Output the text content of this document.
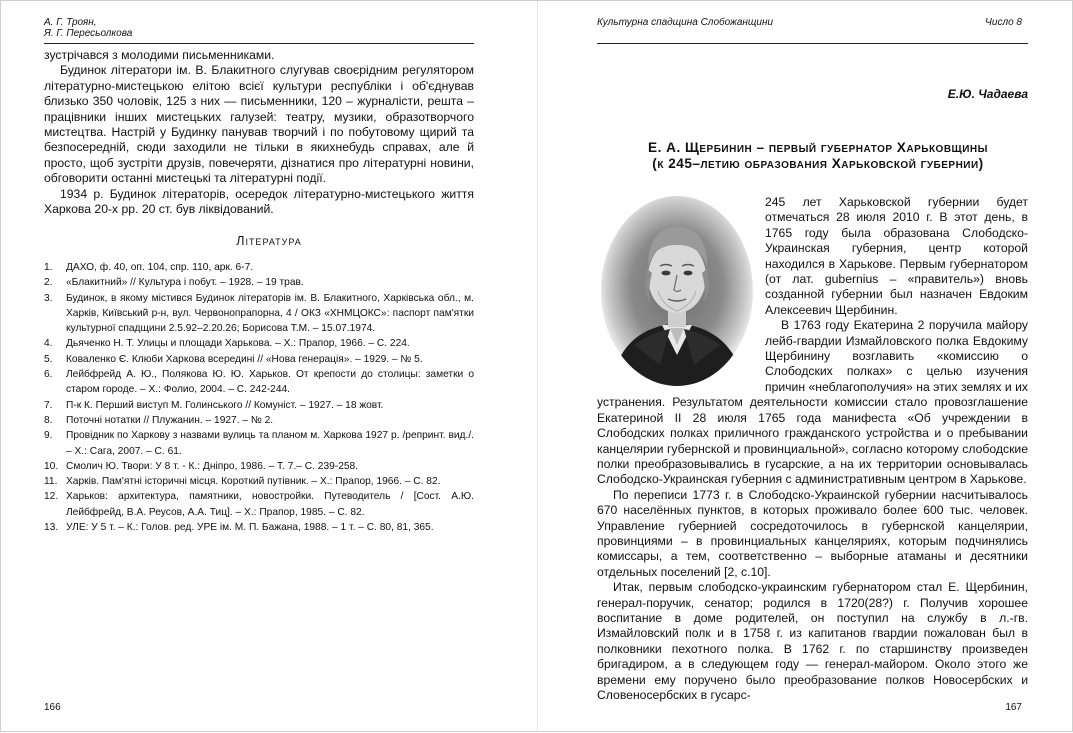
А. Г. Троян,
Я. Г. Пересьолкова

зустрічався з молодими письменниками.

Будинок літератори ім. В. Блакитного слугував своєрідним регулятором літературно-мистецькою елітою всієї культури республіки і об'єднував близько 350 чоловік, 125 з них — письменники, 120 – журналісти, решта – працівники інших мистецьких галузей: театру, музики, образотворчого мистецтва. Настрій у Будинку панував творчий і по побутовому щирий та безпосередній, сюди заходили не тільки в якихнебудь справах, але й просто, щоб зустріти друзів, повечеряти, дізнатися про літературні новини, обговорити останні мистецькі та літературні події.

1934 р. Будинок літераторів, осередок літературно-мистецького життя Харкова 20-х рр. 20 ст. був ліквідований.

Література
1. ДАХО, ф. 40, оп. 104, спр. 110, арк. 6-7.
2. «Блакитний» // Культура і побут. – 1928. – 19 трав.
3. Будинок, в якому містився Будинок літераторів ім. В. Блакитного, Харківська обл., м. Харків, Київський р-н, вул. Червонопрапорна, 4 / ОКЗ «ХНМЦОКС»: паспорт пам'ятки культурної спадщини 2.5.92–2.20.26; Борисова Т.М. – 15.07.1974.
4. Дьяченко Н. Т. Улицы и площади Харькова. – Х.: Прапор, 1966. – С. 224.
5. Коваленко Є. Клюби Харкова всередині // «Нова генерація». – 1929. – № 5.
6. Лейбфрейд А. Ю., Полякова Ю. Ю. Харьков. От крепости до столицы: заметки о старом городе. – Х.: Фолио, 2004. – С. 242-244.
7. П-к К. Перший виступ М. Голинського // Комуніст. – 1927. – 18 жовт.
8. Поточні нотатки // Плужанин. – 1927. – № 2.
9. Провідник по Харкову з назвами вулиць та планом м. Харкова 1927 р. /репринт. вид./. – Х.: Сага, 2007. – С. 61.
10. Смолич Ю. Твори: У 8 т. - К.: Дніпро, 1986. – Т. 7.– С. 239-258.
11. Харків. Пам'ятні історичні місця. Короткий путівник. – Х.: Прапор, 1966. – С. 82.
12. Харьков: архитектура, памятники, новостройки. Путеводитель / [Сост. А.Ю. Лейбфрейд, В.А. Реусов, А.А. Тиц]. – Х.: Прапор, 1985. – С. 82.
13. УЛЕ: У 5 т. – К.: Голов. ред. УРЕ ім. М. П. Бажана, 1988. – 1 т. – С. 80, 81, 365.
166
Культурна спадщина Слобожанщини	Число 8
Е.Ю. Чадаева
Е. А. Щербинин – первый губернатор Харьковщины
(к 245–летию образования Харьковской губернии)

245 лет Харьковской губернии будет отмечаться 28 июля 2010 г. В этот день, в 1765 году была образована Слободско-Украинская губерния, центр которой находился в Харькове. Первым губернатором (от лат. gubernius – «правитель») вновь созданной губернии был назначен Евдоким Алексеевич Щербинин.

В 1763 году Екатерина 2 поручила майору лейб-гвардии Измайловского полка Евдокиму Щербинину возглавить «комиссию о Слободских полках» с целью изучения причин «неблагополучия» на этих землях и их устранения. Результатом деятельности комиссии стало провозглашение Екатериной II 28 июля 1765 года манифеста «Об учреждении в Слободских полках приличного гражданского устройства и о пребывании канцелярии губернской и провинциальной», согласно которому слободские полки преобразовывались в гусарские, а на их территории основывалась Слободско-Украинская губерния с административным центром в Харькове.

По переписи 1773 г. в Слободско-Украинской губернии насчитывалось 670 населённых пунктов, в которых проживало более 600 тыс. человек. Управление губернией сосредоточилось в губернской канцелярии, провинциями – в провинциальных канцеляриях, которым подчинялись комиссары, а тем, соответственно – выборные атаманы и десятники отдельных поселений [2, с.10].

Итак, первым слободско-украинским губернатором стал Е. Щербинин, генерал-поручик, сенатор; родился в 1720(28?) г. Получив хорошее воспитание в доме родителей, он поступил на службу в л.-гв. Измайловский полк и в 1758 г. из капитанов гвардии пожалован был в полковники пехотного полка. В 1762 г. по старшинству произведен бригадиром, а в следующем году — генерал-майором. Около этого же времени ему поручено было преобразование полков Новосербских и Словеносербских в гусарс-

167
